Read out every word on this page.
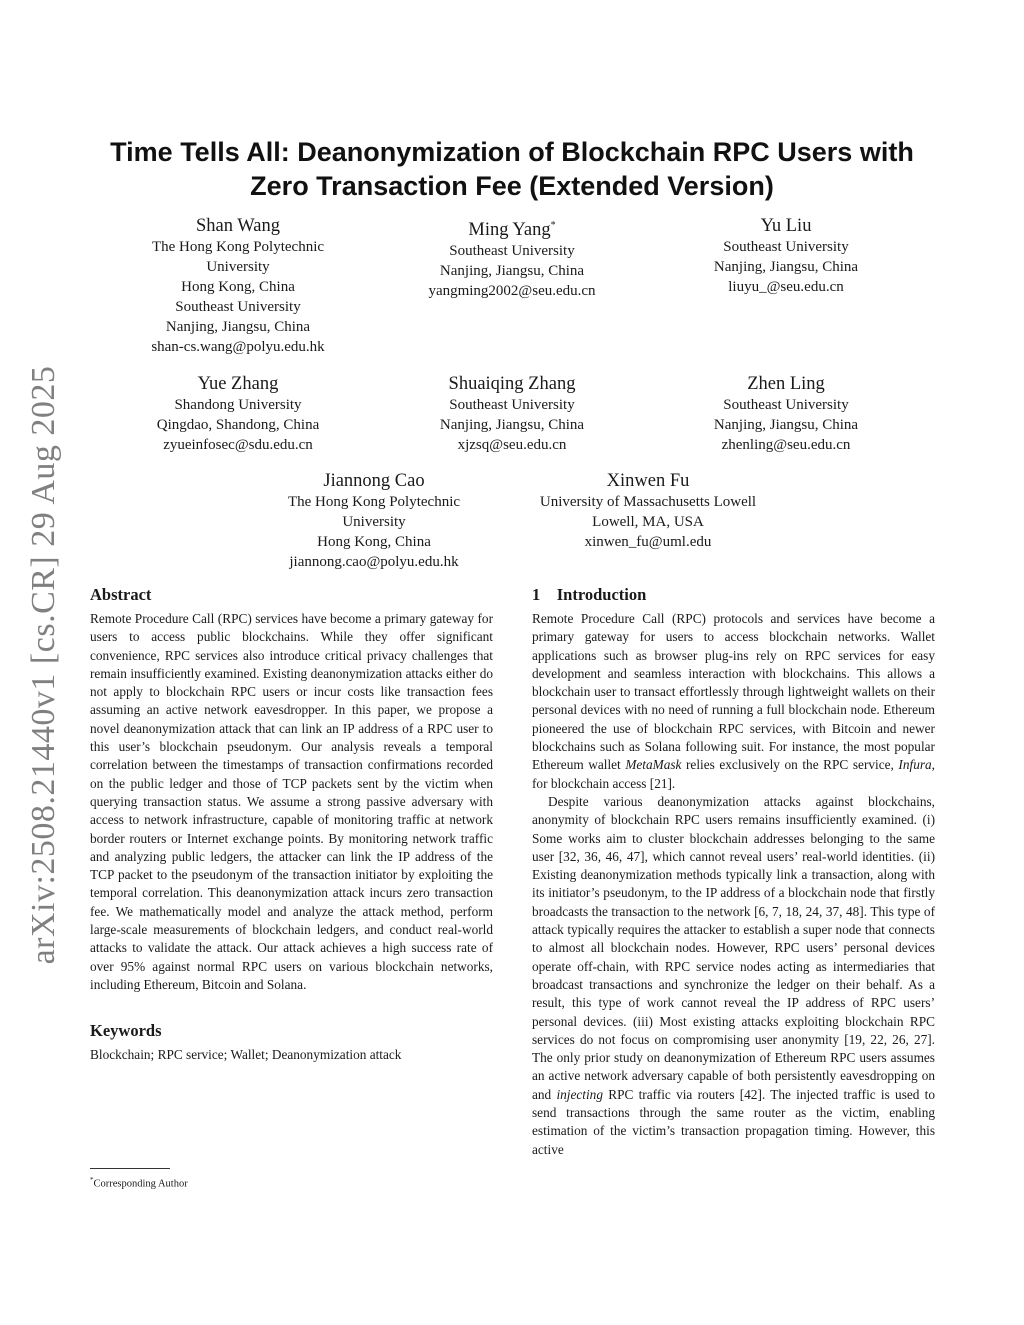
arXiv:2508.21440v1 [cs.CR] 29 Aug 2025
Time Tells All: Deanonymization of Blockchain RPC Users with
Zero Transaction Fee (Extended Version)
Shan Wang
The Hong Kong Polytechnic
University
Hong Kong, China
Southeast University
Nanjing, Jiangsu, China
shan-cs.wang@polyu.edu.hk
Ming Yang*
Southeast University
Nanjing, Jiangsu, China
yangming2002@seu.edu.cn
Yu Liu
Southeast University
Nanjing, Jiangsu, China
liuyu_@seu.edu.cn
Yue Zhang
Shandong University
Qingdao, Shandong, China
zyueinfosec@sdu.edu.cn
Shuaiqing Zhang
Southeast University
Nanjing, Jiangsu, China
xjzsq@seu.edu.cn
Zhen Ling
Southeast University
Nanjing, Jiangsu, China
zhenling@seu.edu.cn
Jiannong Cao
The Hong Kong Polytechnic
University
Hong Kong, China
jiannong.cao@polyu.edu.hk
Xinwen Fu
University of Massachusetts Lowell
Lowell, MA, USA
xinwen_fu@uml.edu
Abstract

Remote Procedure Call (RPC) services have become a primary gateway for users to access public blockchains. While they offer significant convenience, RPC services also introduce critical privacy challenges that remain insufficiently examined. Existing deanonymization attacks either do not apply to blockchain RPC users or incur costs like transaction fees assuming an active network eavesdropper. In this paper, we propose a novel deanonymization attack that can link an IP address of a RPC user to this user’s blockchain pseudonym. Our analysis reveals a temporal correlation between the timestamps of transaction confirmations recorded on the public ledger and those of TCP packets sent by the victim when querying transaction status. We assume a strong passive adversary with access to network infrastructure, capable of monitoring traffic at network border routers or Internet exchange points. By monitoring network traffic and analyzing public ledgers, the attacker can link the IP address of the TCP packet to the pseudonym of the transaction initiator by exploiting the temporal correlation. This deanonymization attack incurs zero transaction fee. We mathematically model and analyze the attack method, perform large-scale measurements of blockchain ledgers, and conduct real-world attacks to validate the attack. Our attack achieves a high success rate of over 95% against normal RPC users on various blockchain networks, including Ethereum, Bitcoin and Solana.

Keywords

Blockchain; RPC service; Wallet; Deanonymization attack

*Corresponding Author
1    Introduction

Remote Procedure Call (RPC) protocols and services have become a primary gateway for users to access blockchain networks. Wallet applications such as browser plug-ins rely on RPC services for easy development and seamless interaction with blockchains. This allows a blockchain user to transact effortlessly through lightweight wallets on their personal devices with no need of running a full blockchain node. Ethereum pioneered the use of blockchain RPC services, with Bitcoin and newer blockchains such as Solana following suit. For instance, the most popular Ethereum wallet MetaMask relies exclusively on the RPC service, Infura, for blockchain access [21].

Despite various deanonymization attacks against blockchains, anonymity of blockchain RPC users remains insufficiently examined. (i) Some works aim to cluster blockchain addresses belonging to the same user [32, 36, 46, 47], which cannot reveal users’ real-world identities. (ii) Existing deanonymization methods typically link a transaction, along with its initiator’s pseudonym, to the IP address of a blockchain node that firstly broadcasts the transaction to the network [6, 7, 18, 24, 37, 48]. This type of attack typically requires the attacker to establish a super node that connects to almost all blockchain nodes. However, RPC users’ personal devices operate off-chain, with RPC service nodes acting as intermediaries that broadcast transactions and synchronize the ledger on their behalf. As a result, this type of work cannot reveal the IP address of RPC users’ personal devices. (iii) Most existing attacks exploiting blockchain RPC services do not focus on compromising user anonymity [19, 22, 26, 27]. The only prior study on deanonymization of Ethereum RPC users assumes an active network adversary capable of both persistently eavesdropping on and injecting RPC traffic via routers [42]. The injected traffic is used to send transactions through the same router as the victim, enabling estimation of the victim’s transaction propagation timing. However, this active
